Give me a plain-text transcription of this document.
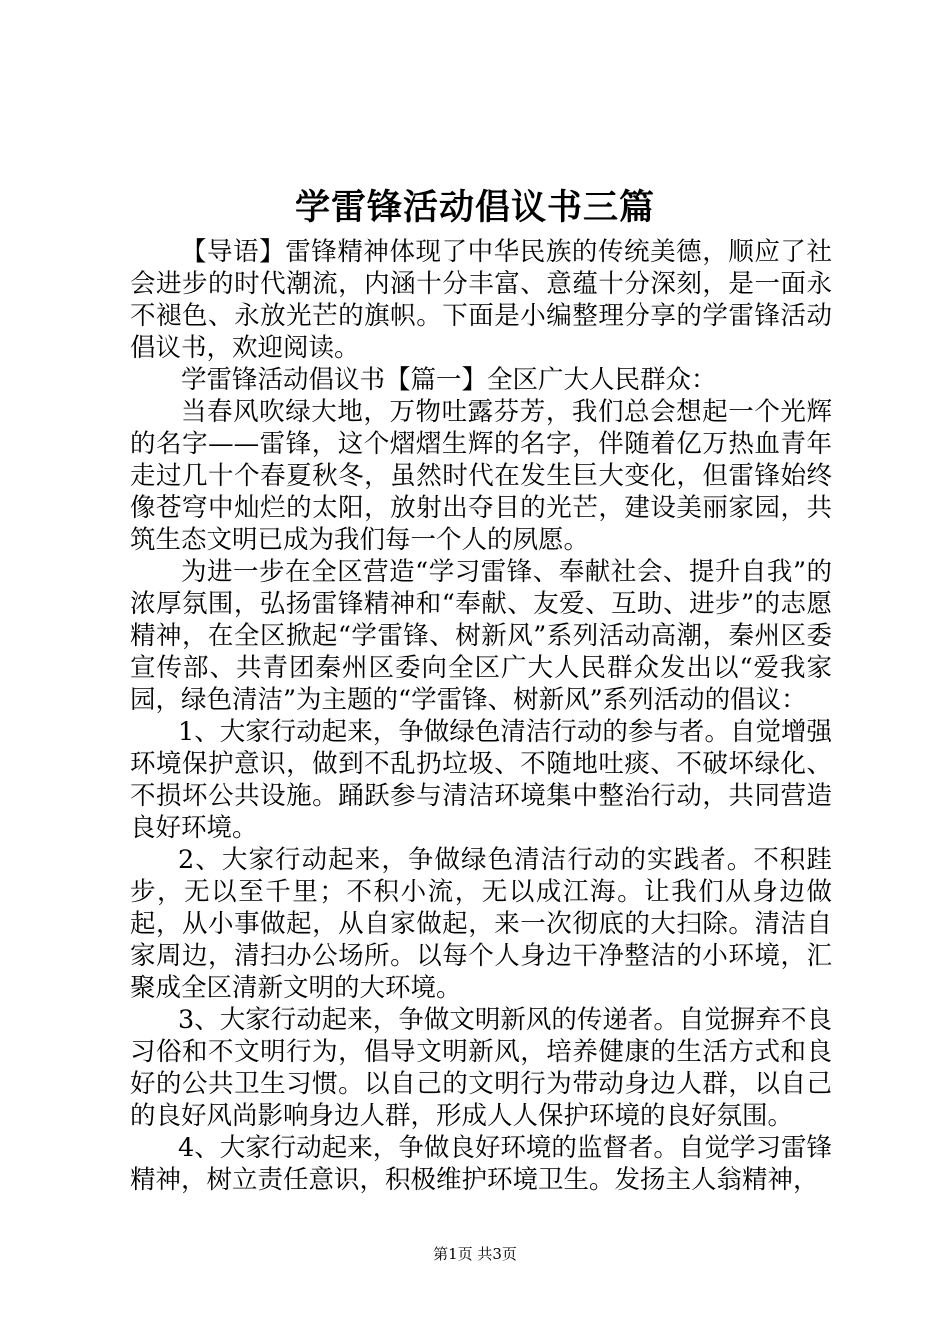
学雷锋活动倡议书三篇

【导语】雷锋精神体现了中华民族的传统美德，顺应了社会进步的时代潮流，内涵十分丰富、意蕴十分深刻，是一面永不褪色、永放光芒的旗帜。下面是小编整理分享的学雷锋活动倡议书，欢迎阅读。

学雷锋活动倡议书【篇一】全区广大人民群众：

当春风吹绿大地，万物吐露芬芳，我们总会想起一个光辉的名字——雷锋，这个熠熠生辉的名字，伴随着亿万热血青年走过几十个春夏秋冬，虽然时代在发生巨大变化，但雷锋始终像苍穹中灿烂的太阳，放射出夺目的光芒，建设美丽家园，共筑生态文明已成为我们每一个人的夙愿。

为进一步在全区营造“学习雷锋、奉献社会、提升自我”的浓厚氛围，弘扬雷锋精神和“奉献、友爱、互助、进步”的志愿精神，在全区掀起“学雷锋、树新风”系列活动高潮，秦州区委宣传部、共青团秦州区委向全区广大人民群众发出以“爱我家园，绿色清洁”为主题的“学雷锋、树新风”系列活动的倡议：

1、大家行动起来，争做绿色清洁行动的参与者。自觉增强环境保护意识，做到不乱扔垃圾、不随地吐痰、不破坏绿化、不损坏公共设施。踊跃参与清洁环境集中整治行动，共同营造良好环境。

2、大家行动起来，争做绿色清洁行动的实践者。不积跬步，无以至千里；不积小流，无以成江海。让我们从身边做起，从小事做起，从自家做起，来一次彻底的大扫除。清洁自家周边，清扫办公场所。以每个人身边干净整洁的小环境，汇聚成全区清新文明的大环境。

3、大家行动起来，争做文明新风的传递者。自觉摒弃不良习俗和不文明行为，倡导文明新风，培养健康的生活方式和良好的公共卫生习惯。以自己的文明行为带动身边人群，以自己的良好风尚影响身边人群，形成人人保护环境的良好氛围。

4、大家行动起来，争做良好环境的监督者。自觉学习雷锋精神，树立责任意识，积极维护环境卫生。发扬主人翁精神，

第1页 共3页
